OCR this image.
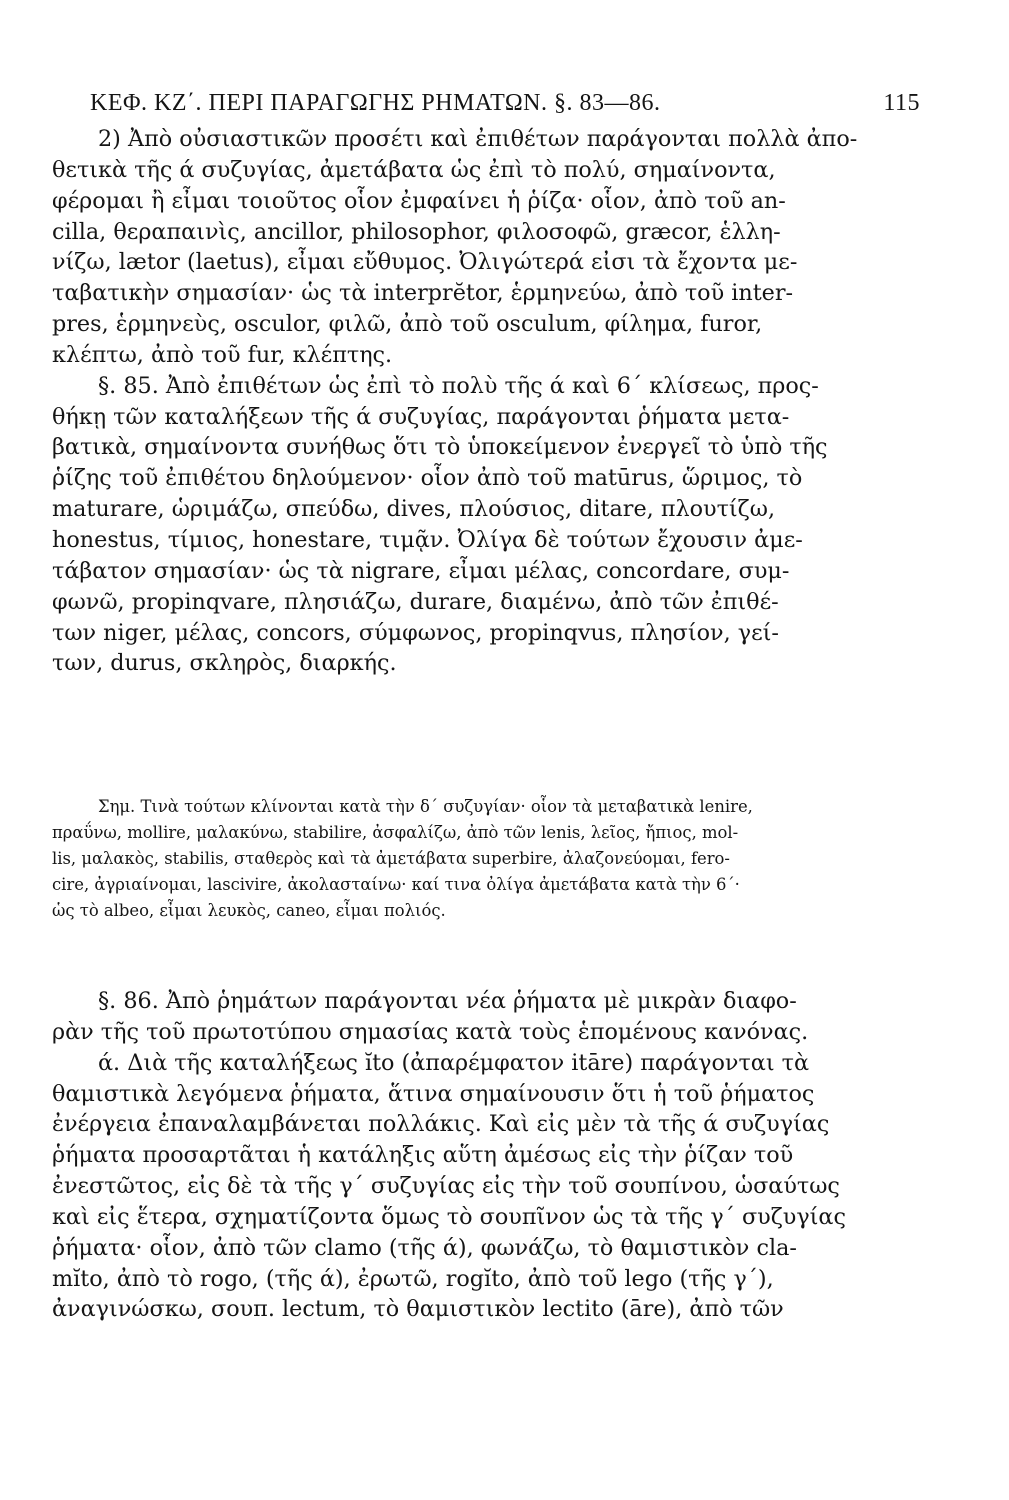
ΚΕΦ. ΚΖ΄. ΠΕΡΙ ΠΑΡΑΓΩΓΗΣ ΡΗΜΑΤΩΝ. §. 83—86.	115
2) Ἀπὸ οὐσιαστικῶν προσέτι καὶ ἐπιθέτων παράγονται πολλὰ ἀπο-
θετικὰ τῆς ά συζυγίας, ἀμετάβατα ὡς ἐπὶ τὸ πολύ, σημαίνοντα,
φέρομαι ἢ εἶμαι τοιοῦτος οἷον ἐμφαίνει ἡ ῥίζα· οἷον, ἀπὸ τοῦ an-
cilla, θεραπαινὶς, ancillor, philosophor, φιλοσοφῶ, græcor, ἑλλη-
νίζω, lætor (laetus), εἶμαι εὔθυμος. Ὀλιγώτερά εἰσι τὰ ἔχοντα με-
ταβατικὴν σημασίαν· ὡς τὰ interprĕtor, ἑρμηνεύω, ἀπὸ τοῦ inter-
pres, ἑρμηνεὺς, osculor, φιλῶ, ἀπὸ τοῦ osculum, φίλημα, furor,
κλέπτω, ἀπὸ τοῦ fur, κλέπτης.
§. 85. Ἀπὸ ἐπιθέτων ὡς ἐπὶ τὸ πολὺ τῆς ά καὶ 6΄ κλίσεως, προς-
θήκῃ τῶν καταλήξεων τῆς ά συζυγίας, παράγονται ῥήματα μετα-
βατικὰ, σημαίνοντα συνήθως ὅτι τὸ ὑποκείμενον ἐνεργεῖ τὸ ὑπὸ τῆς
ῥίζης τοῦ ἐπιθέτου δηλούμενον· οἷον ἀπὸ τοῦ matūrus, ὥριμος, τὸ
maturare, ὡριμάζω, σπεύδω, dives, πλούσιος, ditare, πλουτίζω,
honestus, τίμιος, honestare, τιμᾷν. Ὀλίγα δὲ τούτων ἔχουσιν ἀμε-
τάβατον σημασίαν· ὡς τὰ nigrare, εἶμαι μέλας, concordare, συμ-
φωνῶ, propinqvare, πλησιάζω, durare, διαμένω, ἀπὸ τῶν ἐπιθέ-
των niger, μέλας, concors, σύμφωνος, propinqvus, πλησίον, γεί-
των, durus, σκληρὸς, διαρκής.
Σημ. Τινὰ τούτων κλίνονται κατὰ τὴν δ΄ συζυγίαν· οἷον τὰ μεταβατικὰ lenire,
πραΰνω, mollire, μαλακύνω, stabilire, ἀσφαλίζω, ἀπὸ τῶν lenis, λεῖος, ἤπιος, mol-
lis, μαλακὸς, stabilis, σταθερὸς καὶ τὰ ἀμετάβατα superbire, ἀλαζονεύομαι, fero-
cire, ἀγριαίνομαι, lascivire, ἀκολασταίνω· καί τινα ὀλίγα ἀμετάβατα κατὰ τὴν 6΄·
ὡς τὸ albeo, εἶμαι λευκὸς, caneo, εἶμαι πολιός.
§. 86. Ἀπὸ ῥημάτων παράγονται νέα ῥήματα μὲ μικρὰν διαφο-
ρὰν τῆς τοῦ πρωτοτύπου σημασίας κατὰ τοὺς ἑπομένους κανόνας.
ά. Διὰ τῆς καταλήξεως ĭto (ἀπαρέμφατον itāre) παράγονται τὰ
θαμιστικὰ λεγόμενα ῥήματα, ἅτινα σημαίνουσιν ὅτι ἡ τοῦ ῥήματος
ἐνέργεια ἐπαναλαμβάνεται πολλάκις. Καὶ εἰς μὲν τὰ τῆς ά συζυγίας
ῥήματα προσαρτᾶται ἡ κατάληξις αὕτη ἀμέσως εἰς τὴν ῥίζαν τοῦ
ἐνεστῶτος, εἰς δὲ τὰ τῆς γ΄ συζυγίας εἰς τὴν τοῦ σουπίνου, ὡσαύτως
καὶ εἰς ἕτερα, σχηματίζοντα ὅμως τὸ σουπῖνον ὡς τὰ τῆς γ΄ συζυγίας
ῥήματα· οἷον, ἀπὸ τῶν clamo (τῆς ά), φωνάζω, τὸ θαμιστικὸν cla-
mĭto, ἀπὸ τὸ rogo, (τῆς ά), ἐρωτῶ, rogĭto, ἀπὸ τοῦ lego (τῆς γ΄),
ἀναγινώσκω, σουπ. lectum, τὸ θαμιστικὸν lectito (āre), ἀπὸ τῶν
